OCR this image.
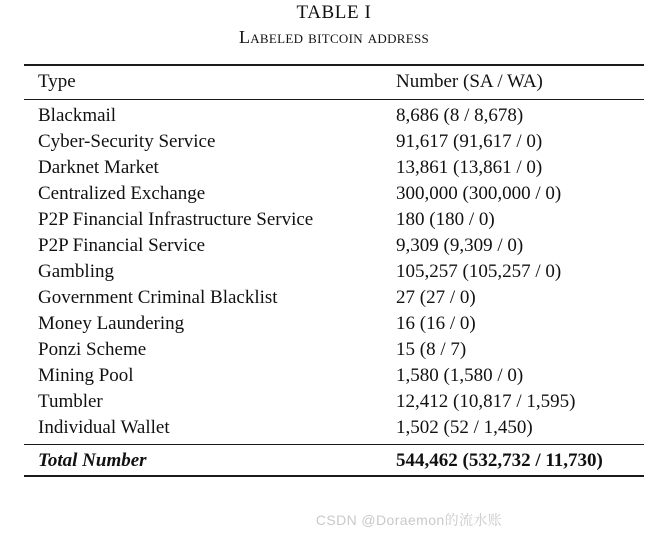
TABLE I
Labeled bitcoin address

Type	Number (SA / WA)

Blackmail	8,686 (8 / 8,678)
Cyber-Security Service	91,617 (91,617 / 0)
Darknet Market	13,861 (13,861 / 0)
Centralized Exchange	300,000 (300,000 / 0)
P2P Financial Infrastructure Service	180 (180 / 0)
P2P Financial Service	9,309 (9,309 / 0)
Gambling	105,257 (105,257 / 0)
Government Criminal Blacklist	27 (27 / 0)
Money Laundering	16 (16 / 0)
Ponzi Scheme	15 (8 / 7)
Mining Pool	1,580 (1,580 / 0)
Tumbler	12,412 (10,817 / 1,595)
Individual Wallet	1,502 (52 / 1,450)

Total Number	544,462 (532,732 / 11,730)

CSDN @Doraemon的流水账
